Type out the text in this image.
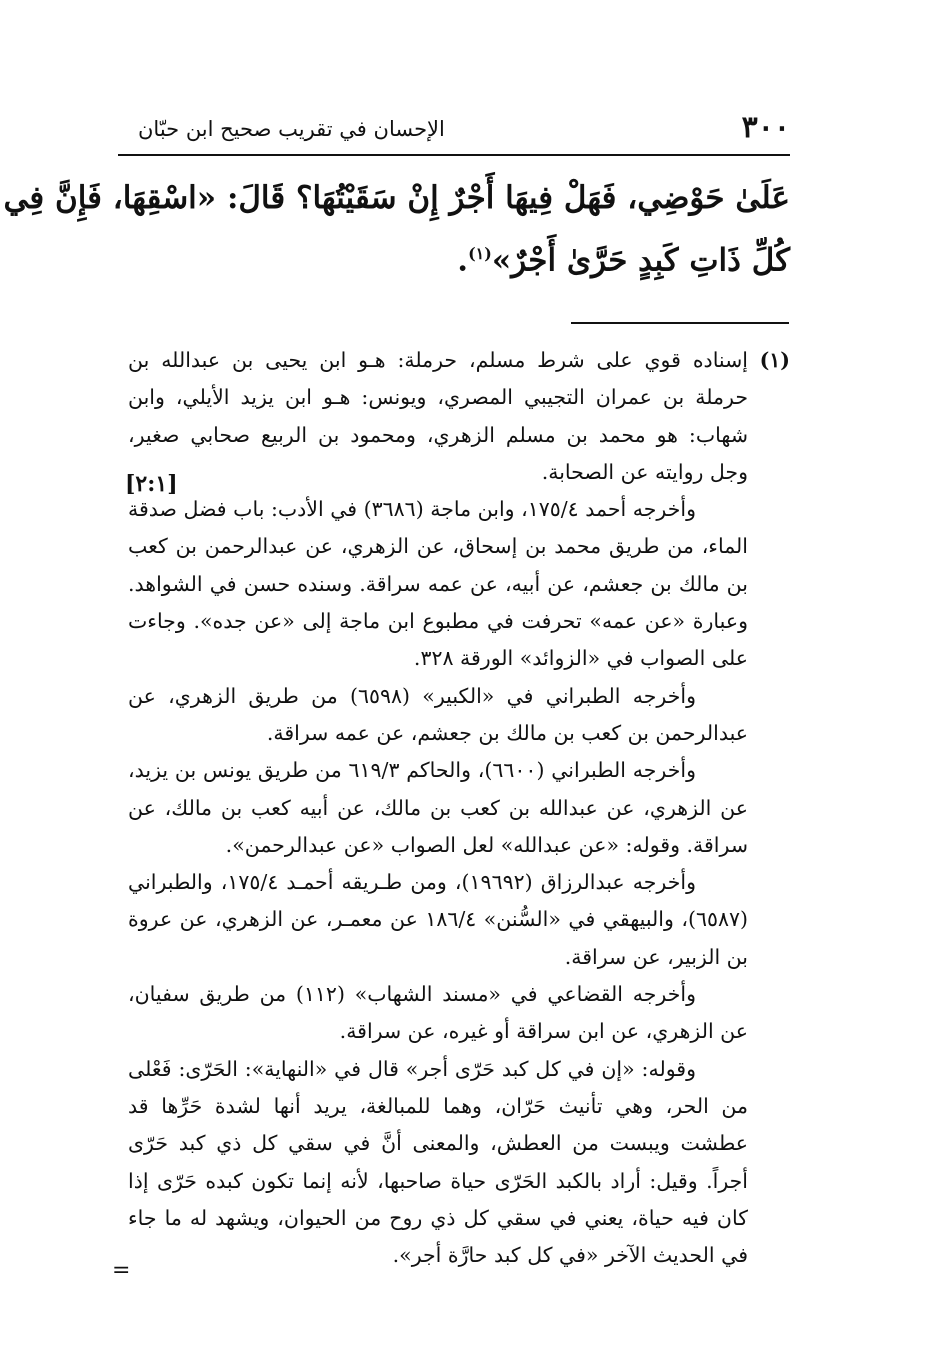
٣٠٠
الإحسان في تقريب صحيح ابن حبّان
عَلَىٰ حَوْضِي، فَهَلْ فِيهَا أَجْرٌ إِنْ سَقَيْتُهَا؟ قَالَ: «اسْقِهَا، فَإِنَّ فِي
كُلِّ ذَاتِ كَبِدٍ حَرَّىٰ أَجْرٌ»$^{(١)}$.
[٢:١]
(١)
إسناده قوي على شرط مسلم، حرملة: هـو ابن يحيى بن عبدالله بن حرملة بن عمران التجيبي المصري، ويونس: هـو ابن يزيد الأيلي، وابن شهاب: هو محمد بن مسلم الزهري، ومحمود بن الربيع صحابي صغير، وجل روايته عن الصحابة.
وأخرجه أحمد ١٧٥/٤، وابن ماجة (٣٦٨٦) في الأدب: باب فضل صدقة الماء، من طريق محمد بن إسحاق، عن الزهري، عن عبدالرحمن بن كعب بن مالك بن جعشم، عن أبيه، عن عمه سراقة. وسنده حسن في الشواهد. وعبارة «عن عمه» تحرفت في مطبوع ابن ماجة إلى «عن جده». وجاءت على الصواب في «الزوائد» الورقة ٣٢٨.
وأخرجه الطبراني في «الكبير» (٦٥٩٨) من طريق الزهري، عن عبدالرحمن بن كعب بن مالك بن جعشم، عن عمه سراقة.
وأخرجه الطبراني (٦٦٠٠)، والحاكم ٦١٩/٣ من طريق يونس بن يزيد، عن الزهري، عن عبدالله بن كعب بن مالك، عن أبيه كعب بن مالك، عن سراقة. وقوله: «عن عبدالله» لعل الصواب «عن عبدالرحمن».
وأخرجه عبدالرزاق (١٩٦٩٢)، ومن طـريقه أحمـد ١٧٥/٤، والطبراني (٦٥٨٧)، والبيهقي في «السُّنن» ١٨٦/٤ عن معمـر، عن الزهري، عن عروة بن الزبير، عن سراقة.
وأخرجه القضاعي في «مسند الشهاب» (١١٢) من طريق سفيان، عن الزهري، عن ابن سراقة أو غيره، عن سراقة.
وقوله: «إن في كل كبد حَرّى أجر» قال في «النهاية»: الحَرّى: فَعْلى من الحر، وهي تأنيث حَرّان، وهما للمبالغة، يريد أنها لشدة حَرِّها قد عطشت ويبست من العطش، والمعنى أنَّ في سقي كل ذي كبد حَرّى أجراً. وقيل: أراد بالكبد الحَرّى حياة صاحبها، لأنه إنما تكون كبده حَرّى إذا كان فيه حياة، يعني في سقي كل ذي روح من الحيوان، ويشهد له ما جاء في الحديث الآخر «في كل كبد حارَّة أجر».
=
